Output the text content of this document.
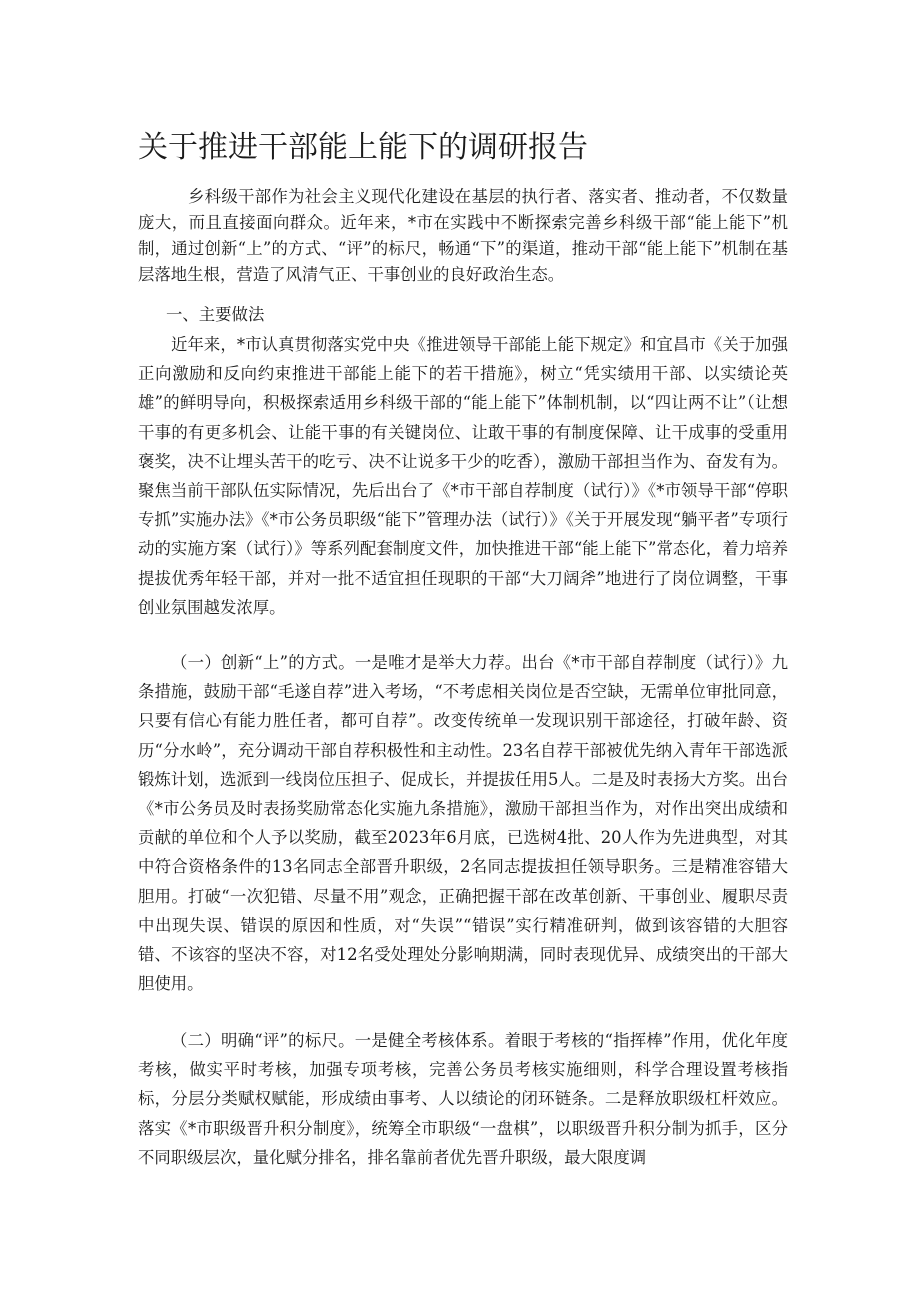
关于推进干部能上能下的调研报告

乡科级干部作为社会主义现代化建设在基层的执行者、落实者、推动者，不仅数量庞大，而且直接面向群众。近年来，*市在实践中不断探索完善乡科级干部“能上能下”机制，通过创新“上”的方式、“评”的标尺，畅通“下”的渠道，推动干部“能上能下”机制在基层落地生根，营造了风清气正、干事创业的良好政治生态。

一、主要做法

近年来，*市认真贯彻落实党中央《推进领导干部能上能下规定》和宜昌市《关于加强正向激励和反向约束推进干部能上能下的若干措施》，树立“凭实绩用干部、以实绩论英雄”的鲜明导向，积极探索适用乡科级干部的“能上能下”体制机制，以“四让两不让”（让想干事的有更多机会、让能干事的有关键岗位、让敢干事的有制度保障、让干成事的受重用褒奖，决不让埋头苦干的吃亏、决不让说多干少的吃香），激励干部担当作为、奋发有为。聚焦当前干部队伍实际情况，先后出台了《*市干部自荐制度（试行）》《*市领导干部“停职专抓”实施办法》《*市公务员职级“能下”管理办法（试行）》《关于开展发现“躺平者”专项行动的实施方案（试行）》等系列配套制度文件，加快推进干部“能上能下”常态化，着力培养提拔优秀年轻干部，并对一批不适宜担任现职的干部“大刀阔斧”地进行了岗位调整，干事创业氛围越发浓厚。

（一）创新“上”的方式。一是唯才是举大力荐。出台《*市干部自荐制度（试行）》九条措施，鼓励干部“毛遂自荐”进入考场，“不考虑相关岗位是否空缺，无需单位审批同意，只要有信心有能力胜任者，都可自荐”。改变传统单一发现识别干部途径，打破年龄、资历“分水岭”，充分调动干部自荐积极性和主动性。23名自荐干部被优先纳入青年干部选派锻炼计划，选派到一线岗位压担子、促成长，并提拔任用5人。二是及时表扬大方奖。出台《*市公务员及时表扬奖励常态化实施九条措施》，激励干部担当作为，对作出突出成绩和贡献的单位和个人予以奖励，截至2023年6月底，已选树4批、20人作为先进典型，对其中符合资格条件的13名同志全部晋升职级，2名同志提拔担任领导职务。三是精准容错大胆用。打破“一次犯错、尽量不用”观念，正确把握干部在改革创新、干事创业、履职尽责中出现失误、错误的原因和性质，对“失误”“错误”实行精准研判，做到该容错的大胆容错、不该容的坚决不容，对12名受处理处分影响期满，同时表现优异、成绩突出的干部大胆使用。

（二）明确“评”的标尺。一是健全考核体系。着眼于考核的“指挥棒”作用，优化年度考核，做实平时考核，加强专项考核，完善公务员考核实施细则，科学合理设置考核指标，分层分类赋权赋能，形成绩由事考、人以绩论的闭环链条。二是释放职级杠杆效应。落实《*市职级晋升积分制度》，统筹全市职级“一盘棋”，以职级晋升积分制为抓手，区分不同职级层次，量化赋分排名，排名靠前者优先晋升职级，最大限度调
